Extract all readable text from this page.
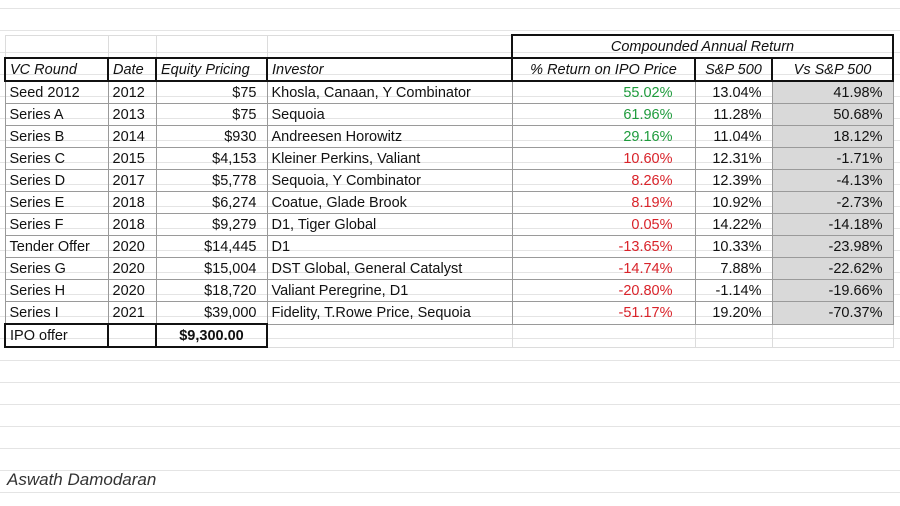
				Compounded Annual Return		
VC Round	Date	Equity Pricing	Investor	% Return on IPO Price	S&P 500	Vs S&P 500
Seed 2012	2012	$75	Khosla, Canaan, Y Combinator	55.02%	13.04%	41.98%
Series A	2013	$75	Sequoia	61.96%	11.28%	50.68%
Series B	2014	$930	Andreesen Horowitz	29.16%	11.04%	18.12%
Series C	2015	$4,153	Kleiner Perkins, Valiant	10.60%	12.31%	-1.71%
Series D	2017	$5,778	Sequoia, Y Combinator	8.26%	12.39%	-4.13%
Series E	2018	$6,274	Coatue, Glade Brook	8.19%	10.92%	-2.73%
Series F	2018	$9,279	D1, Tiger Global	0.05%	14.22%	-14.18%
Tender Offer	2020	$14,445	D1	-13.65%	10.33%	-23.98%
Series G	2020	$15,004	DST Global, General Catalyst	-14.74%	7.88%	-22.62%
Series H	2020	$18,720	Valiant Peregrine, D1	-20.80%	-1.14%	-19.66%
Series I	2021	$39,000	Fidelity, T.Rowe Price, Sequoia	-51.17%	19.20%	-70.37%
IPO offer		$9,300.00				
Aswath Damodaran
